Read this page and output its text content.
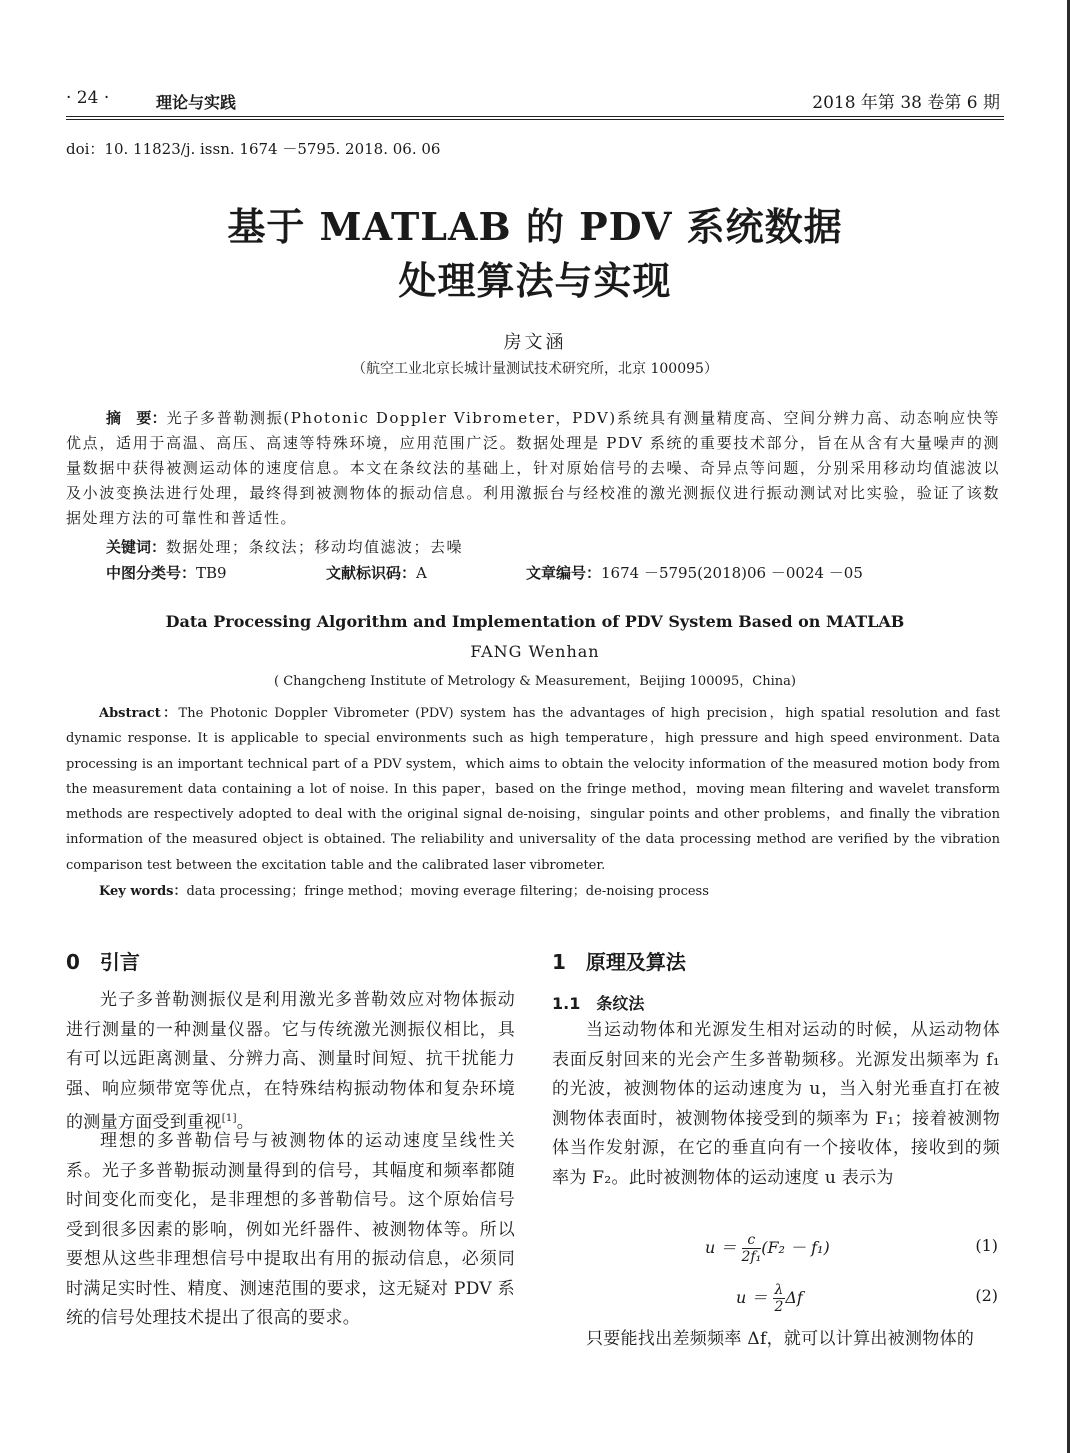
· 24 ·	理论与实践	2018 年第 38 卷第 6 期
doi：10. 11823/j. issn. 1674 －5795. 2018. 06. 06
基于 MATLAB 的 PDV 系统数据
处理算法与实现
房文涵
（航空工业北京长城计量测试技术研究所，北京 100095）
摘　要：光子多普勒测振(Photonic Doppler Vibrometer，PDV)系统具有测量精度高、空间分辨力高、动态响应快等优点，适用于高温、高压、高速等特殊环境，应用范围广泛。数据处理是 PDV 系统的重要技术部分，旨在从含有大量噪声的测量数据中获得被测运动体的速度信息。本文在条纹法的基础上，针对原始信号的去噪、奇异点等问题，分别采用移动均值滤波以及小波变换法进行处理，最终得到被测物体的振动信息。利用激振台与经校准的激光测振仪进行振动测试对比实验，验证了该数据处理方法的可靠性和普适性。
关键词：数据处理；条纹法；移动均值滤波；去噪
中图分类号：TB9	文献标识码：A	文章编号：1674 －5795(2018)06 －0024 －05
Data Processing Algorithm and Implementation of PDV System Based on MATLAB
FANG Wenhan
( Changcheng Institute of Metrology & Measurement，Beijing 100095，China)
Abstract：The Photonic Doppler Vibrometer (PDV) system has the advantages of high precision，high spatial resolution and fast dynamic response. It is applicable to special environments such as high temperature，high pressure and high speed environment. Data processing is an important technical part of a PDV system，which aims to obtain the velocity information of the measured motion body from the measurement data containing a lot of noise. In this paper，based on the fringe method，moving mean filtering and wavelet transform methods are respectively adopted to deal with the original signal de-noising，singular points and other problems，and finally the vibration information of the measured object is obtained. The reliability and universality of the data processing method are verified by the vibration comparison test between the excitation table and the calibrated laser vibrometer.
Key words：data processing；fringe method；moving everage filtering；de-noising process
0　引言
光子多普勒测振仪是利用激光多普勒效应对物体振动进行测量的一种测量仪器。它与传统激光测振仪相比，具有可以远距离测量、分辨力高、测量时间短、抗干扰能力强、响应频带宽等优点，在特殊结构振动物体和复杂环境的测量方面受到重视[1]。
理想的多普勒信号与被测物体的运动速度呈线性关系。光子多普勒振动测量得到的信号，其幅度和频率都随时间变化而变化，是非理想的多普勒信号。这个原始信号受到很多因素的影响，例如光纤器件、被测物体等。所以要想从这些非理想信号中提取出有用的振动信息，必须同时满足实时性、精度、测速范围的要求，这无疑对 PDV 系统的信号处理技术提出了很高的要求。
1　原理及算法
1.1　条纹法
当运动物体和光源发生相对运动的时候，从运动物体表面反射回来的光会产生多普勒频移。光源发出频率为 f₁ 的光波，被测物体的运动速度为 u，当入射光垂直打在被测物体表面时，被测物体接受到的频率为 F₁；接着被测物体当作发射源，在它的垂直向有一个接收体，接收到的频率为 F₂。此时被测物体的运动速度 u 表示为
$u = \frac{c}{\text{2f₁}} (F_2 - f_1)$	(1)
$u = \frac{\lambda}{2}$ Δf	(2)
只要能找出差频频率 Δf，就可以计算出被测物体的
